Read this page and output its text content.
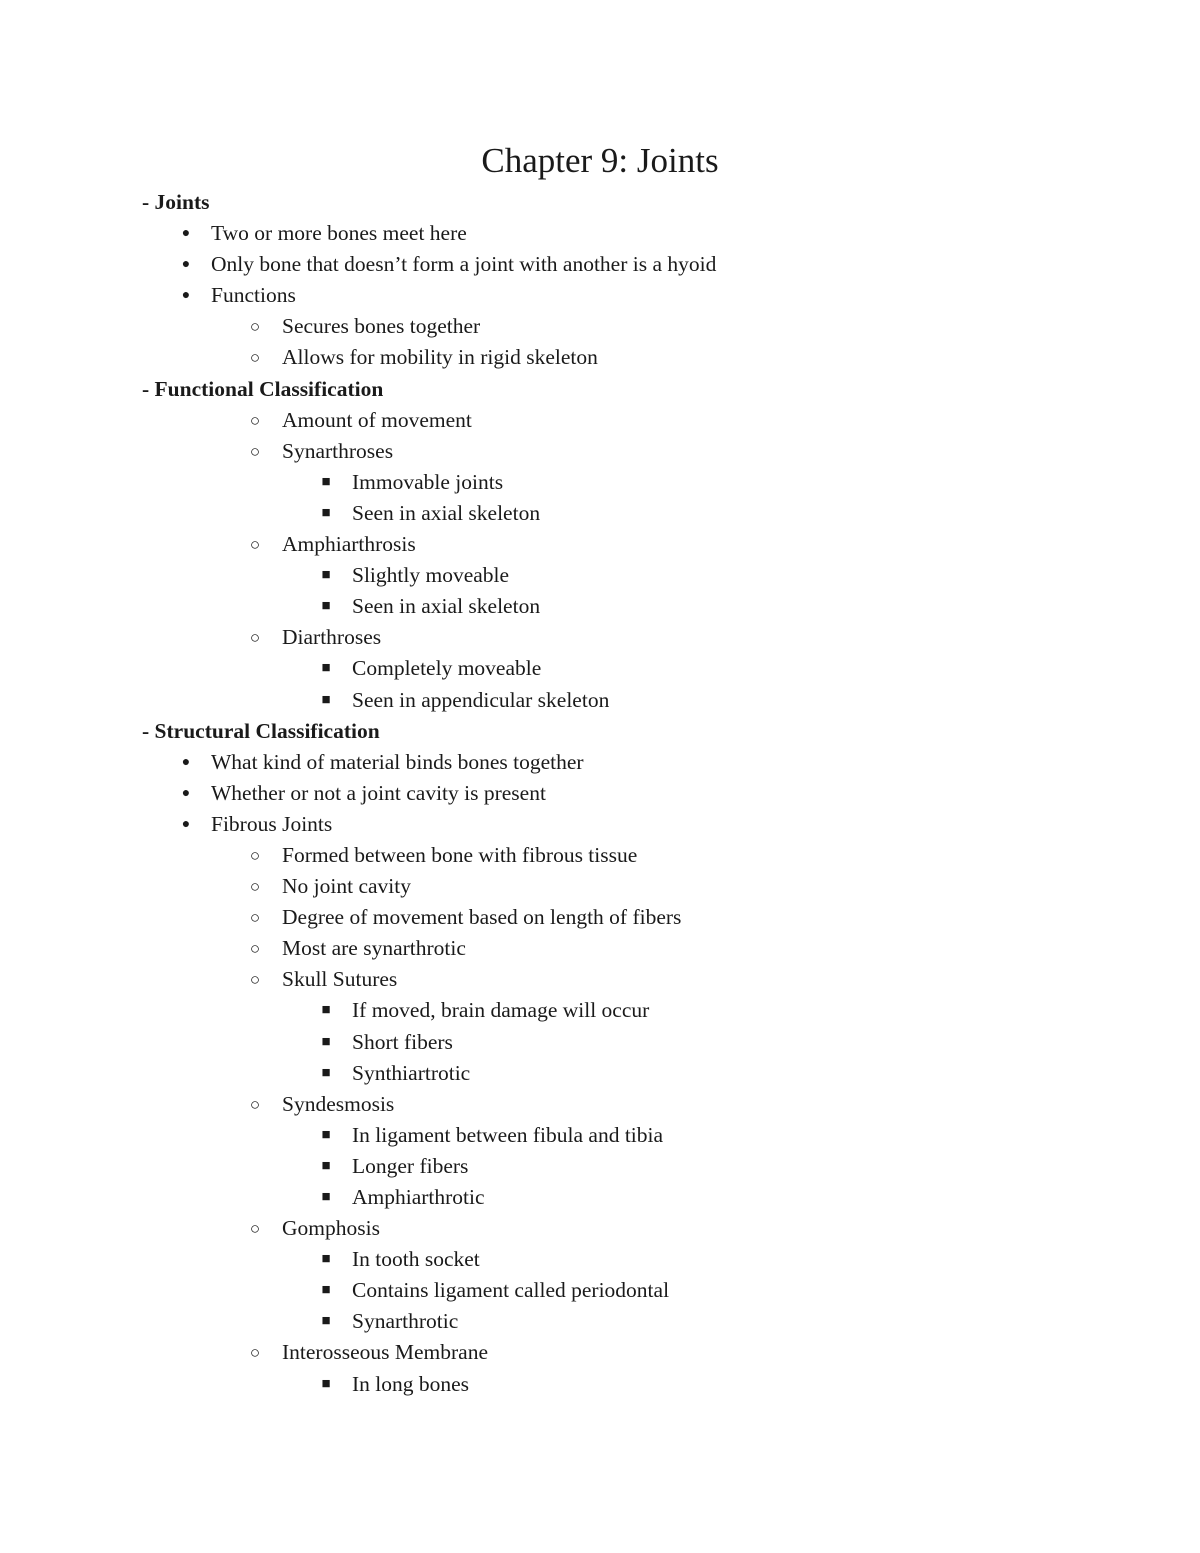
Chapter 9: Joints
- Joints
● Two or more bones meet here
● Only bone that doesn’t form a joint with another is a hyoid
● Functions
○ Secures bones together
○ Allows for mobility in rigid skeleton
- Functional Classification
○ Amount of movement
○ Synarthroses
■ Immovable joints
■ Seen in axial skeleton
○ Amphiarthrosis
■ Slightly moveable
■ Seen in axial skeleton
○ Diarthroses
■ Completely moveable
■ Seen in appendicular skeleton
- Structural Classification
● What kind of material binds bones together
● Whether or not a joint cavity is present
● Fibrous Joints
○ Formed between bone with fibrous tissue
○ No joint cavity
○ Degree of movement based on length of fibers
○ Most are synarthrotic
○ Skull Sutures
■ If moved, brain damage will occur
■ Short fibers
■ Synthiartrotic
○ Syndesmosis
■ In ligament between fibula and tibia
■ Longer fibers
■ Amphiarthrotic
○ Gomphosis
■ In tooth socket
■ Contains ligament called periodontal
■ Synarthrotic
○ Interosseous Membrane
■ In long bones
